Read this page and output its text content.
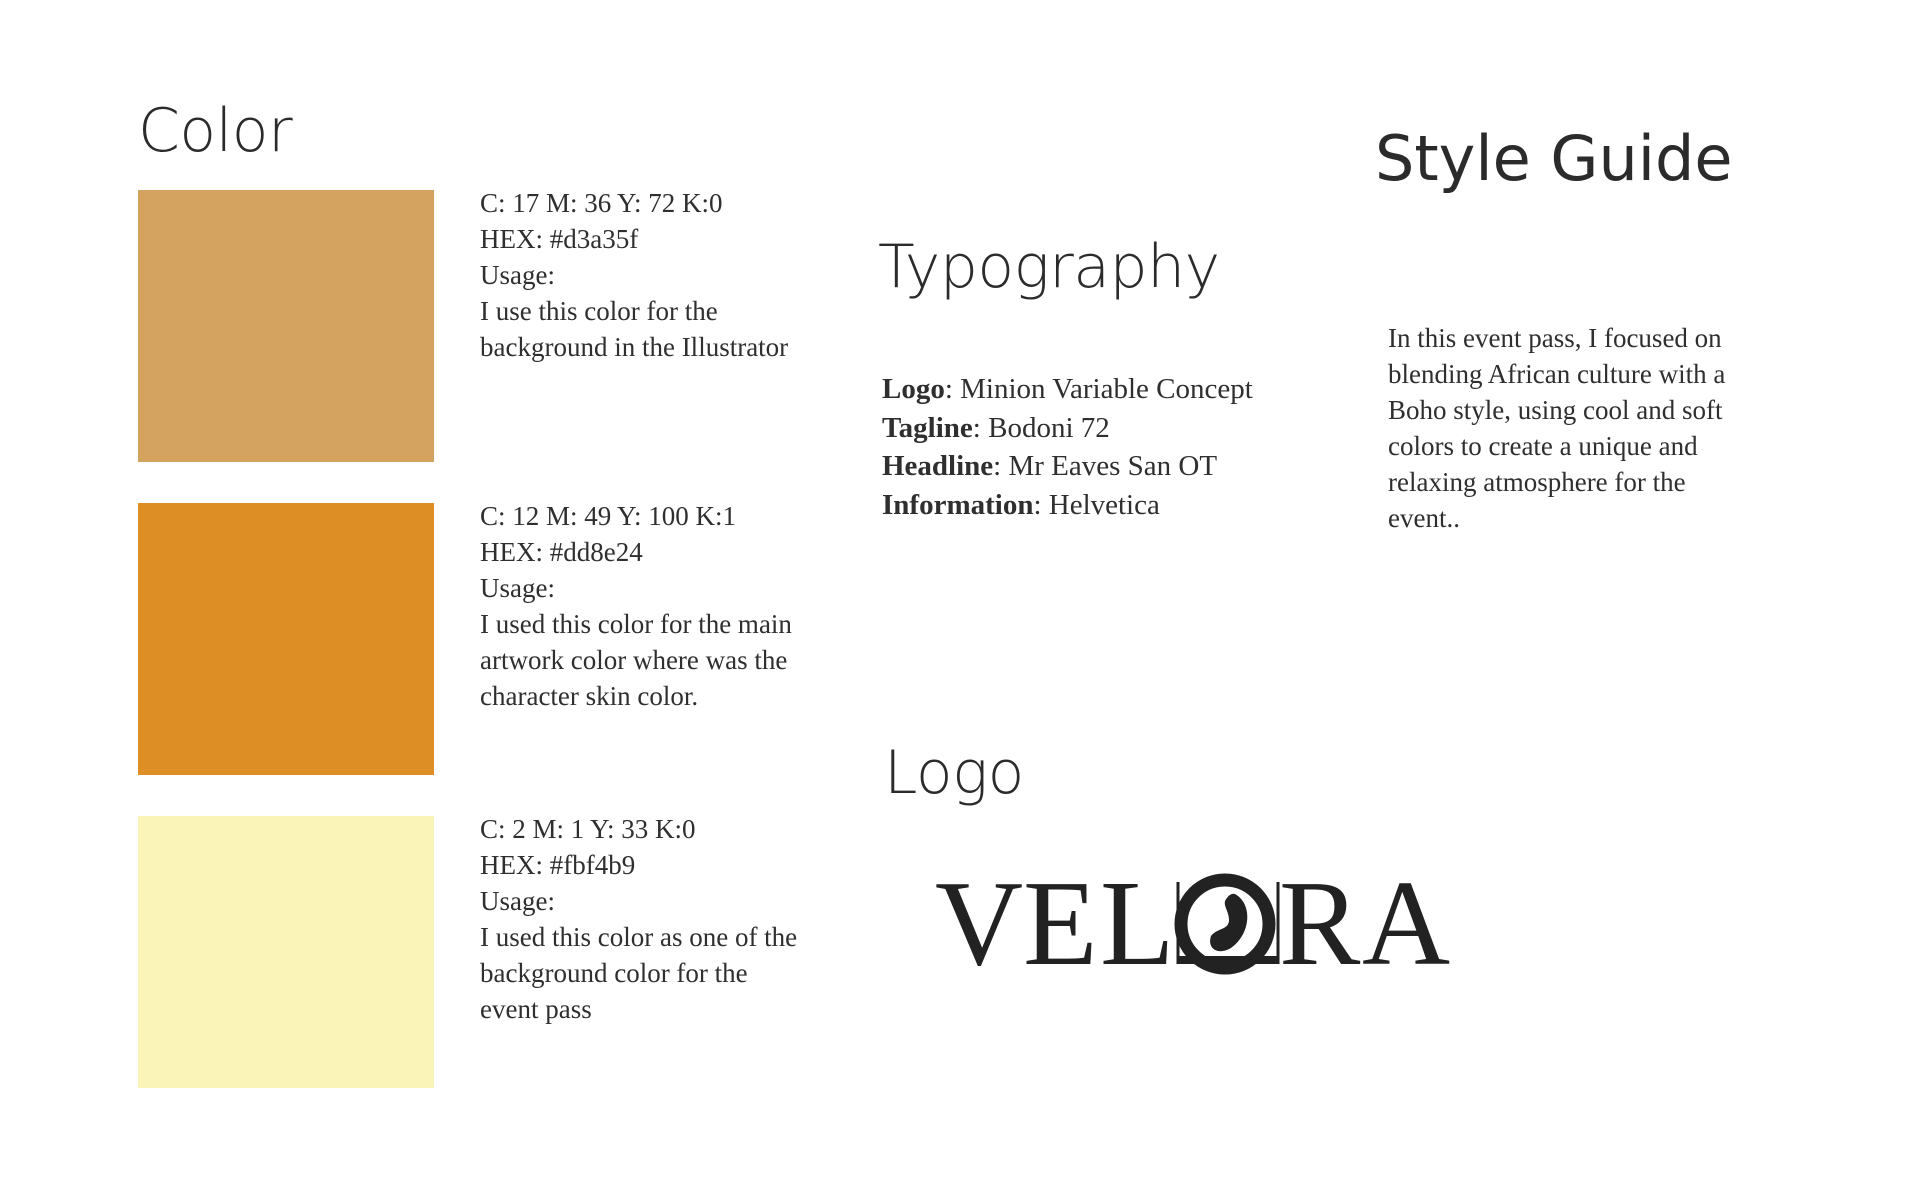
Color
Typography
Logo
Style Guide
C: 17 M: 36 Y: 72 K:0
HEX: #d3a35f
Usage:
I use this color for the background in the Illustrator
C: 12 M: 49 Y: 100 K:1
HEX: #dd8e24
Usage:
I used this color for the main artwork color where was the character skin color.
C: 2 M: 1 Y: 33 K:0
HEX: #fbf4b9
Usage:
I used this color as one of the background color for the event pass
Logo: Minion Variable Concept
Tagline: Bodoni 72
Headline: Mr Eaves San OT
Information: Helvetica

In this event pass, I focused on blending African culture with a Boho style, using cool and soft colors to create a unique and relaxing atmosphere for the event..

V E L R A
